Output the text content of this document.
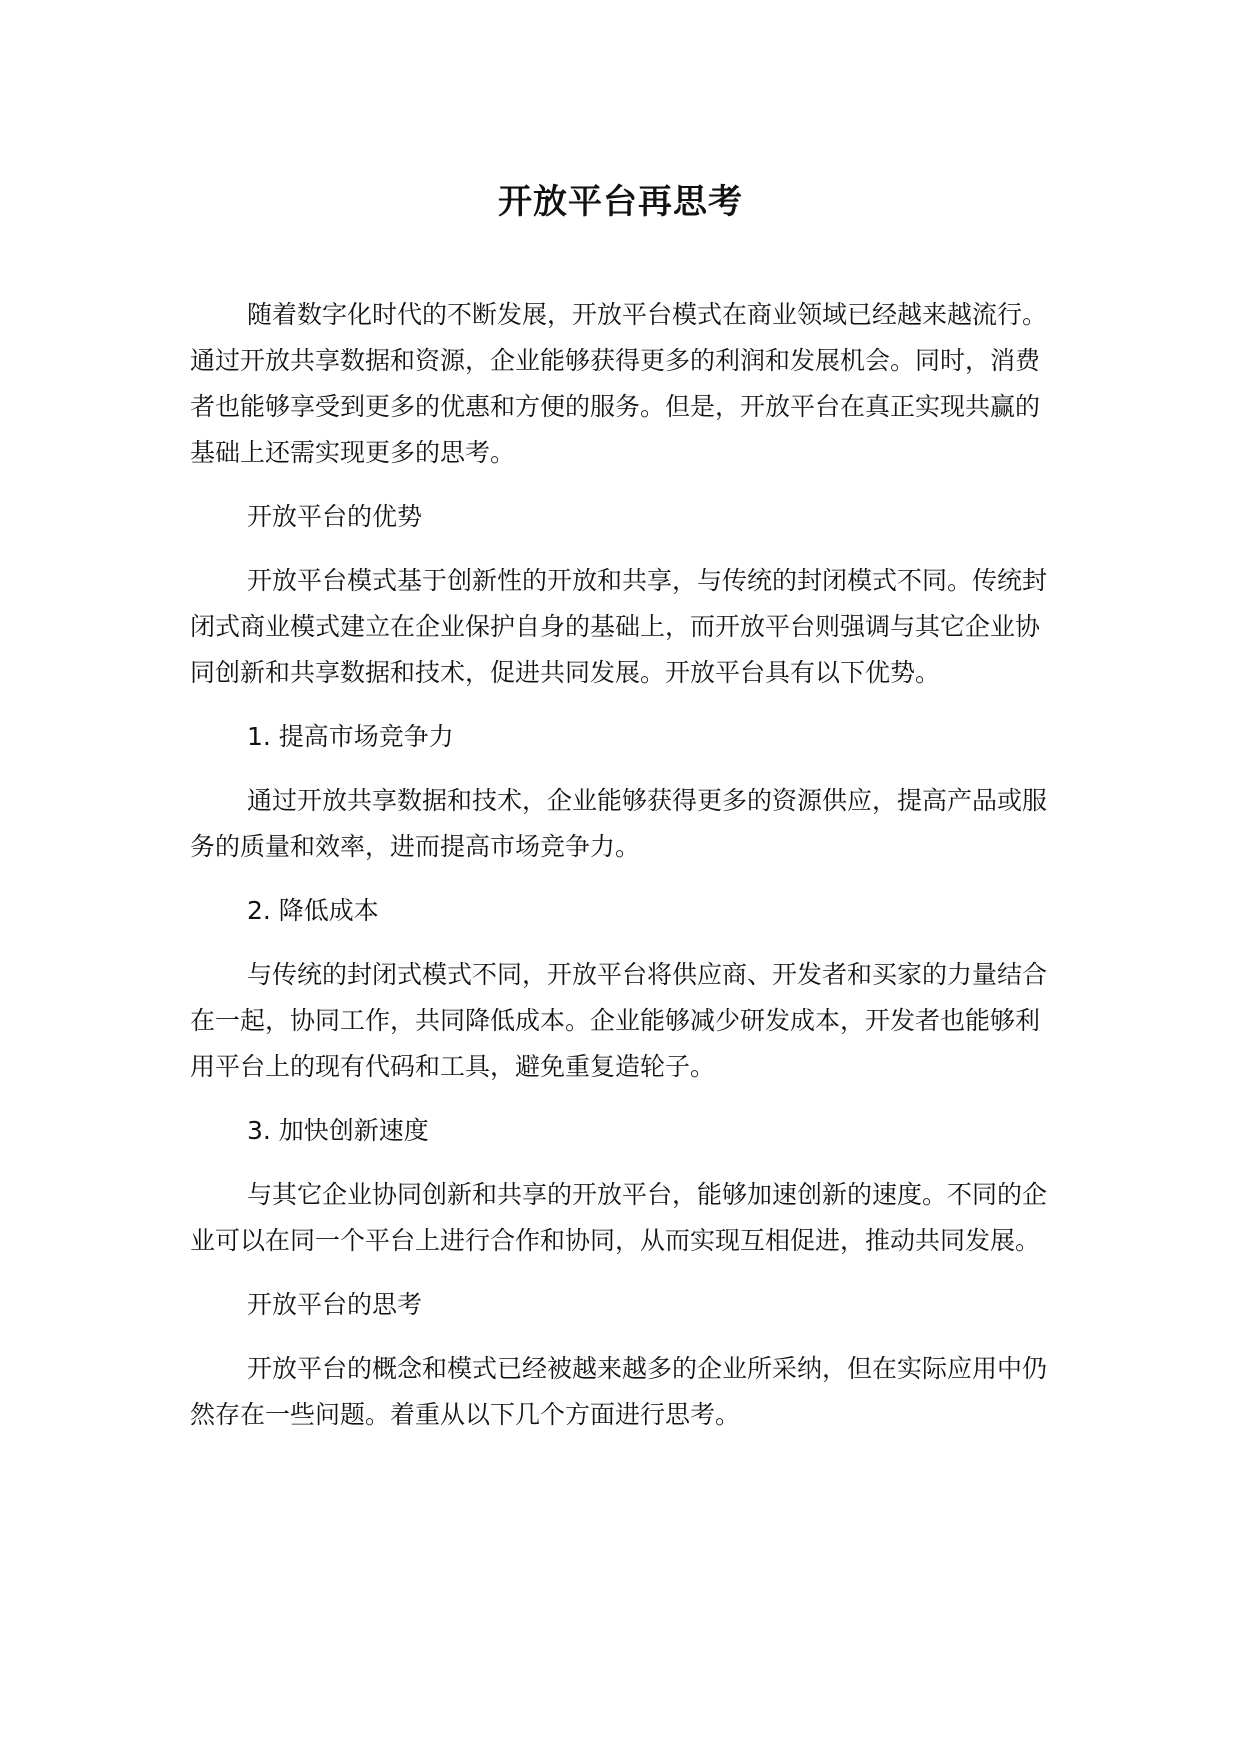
开放平台再思考

随着数字化时代的不断发展，开放平台模式在商业领域已经越来越流行。通过开放共享数据和资源，企业能够获得更多的利润和发展机会。同时，消费者也能够享受到更多的优惠和方便的服务。但是，开放平台在真正实现共赢的基础上还需实现更多的思考。

开放平台的优势

开放平台模式基于创新性的开放和共享，与传统的封闭模式不同。传统封闭式商业模式建立在企业保护自身的基础上，而开放平台则强调与其它企业协同创新和共享数据和技术，促进共同发展。开放平台具有以下优势。

1. 提高市场竞争力

通过开放共享数据和技术，企业能够获得更多的资源供应，提高产品或服务的质量和效率，进而提高市场竞争力。

2. 降低成本

与传统的封闭式模式不同，开放平台将供应商、开发者和买家的力量结合在一起，协同工作，共同降低成本。企业能够减少研发成本，开发者也能够利用平台上的现有代码和工具，避免重复造轮子。

3. 加快创新速度

与其它企业协同创新和共享的开放平台，能够加速创新的速度。不同的企业可以在同一个平台上进行合作和协同，从而实现互相促进，推动共同发展。

开放平台的思考

开放平台的概念和模式已经被越来越多的企业所采纳，但在实际应用中仍然存在一些问题。着重从以下几个方面进行思考。
